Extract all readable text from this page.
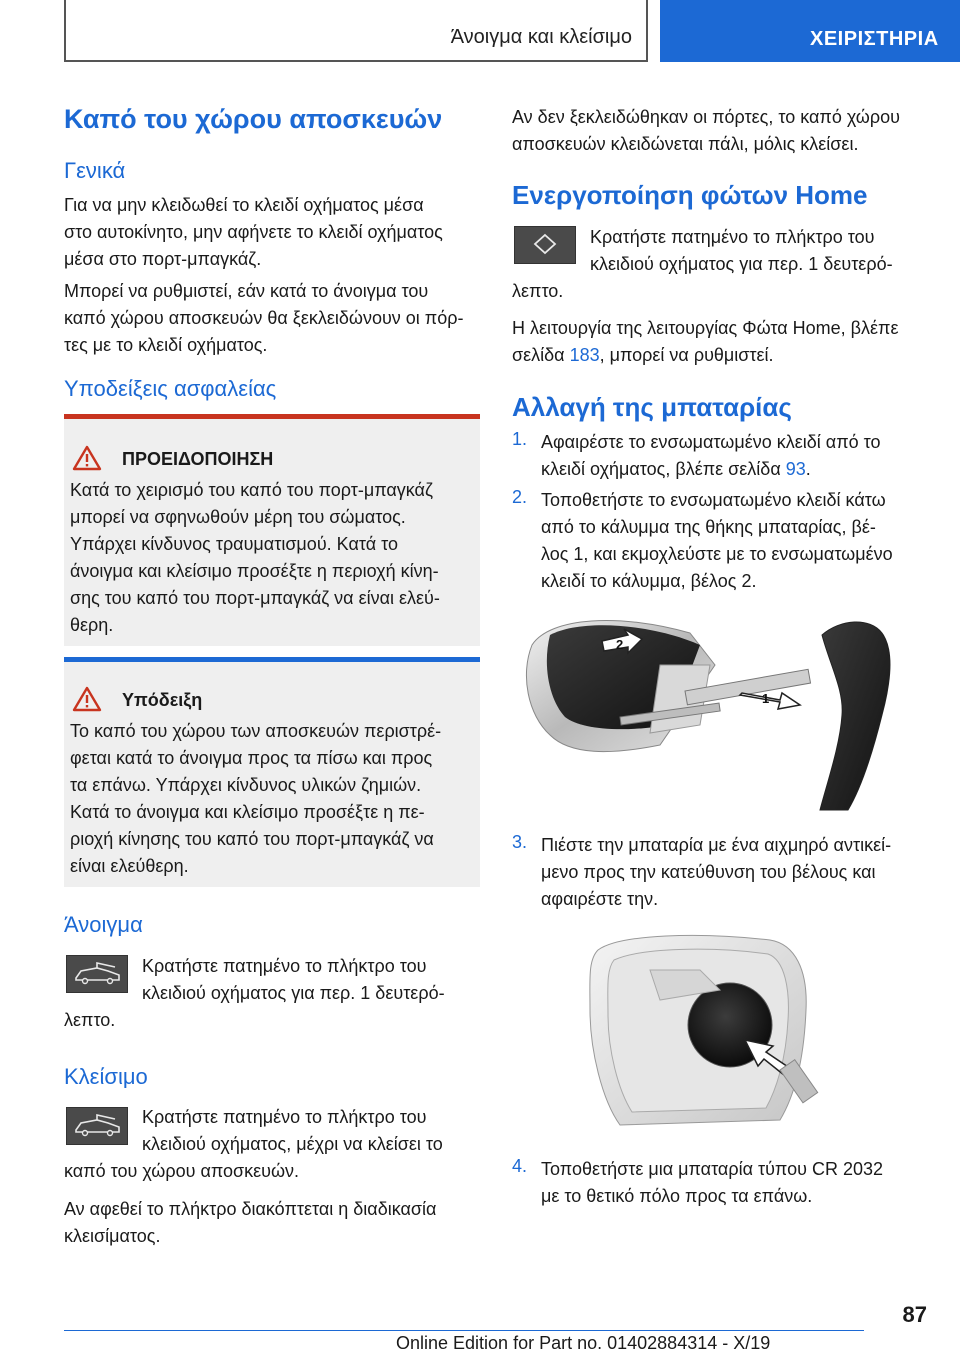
Άνοιγμα και κλείσιμο	ΧΕΙΡΙΣΤΗΡΙΑ
Καπό του χώρου αποσκευών
Γενικά
Για να μην κλειδωθεί το κλειδί οχήματος μέσα
στο αυτοκίνητο, μην αφήνετε το κλειδί οχήματος
μέσα στο πορτ-μπαγκάζ.
Μπορεί να ρυθμιστεί, εάν κατά το άνοιγμα του
καπό χώρου αποσκευών θα ξεκλειδώνουν οι πόρ-
τες με το κλειδί οχήματος.
Υποδείξεις ασφαλείας
ΠΡΟΕΙΔΟΠΟΙΗΣΗ
Κατά το χειρισμό του καπό του πορτ-μπαγκάζ
μπορεί να σφηνωθούν μέρη του σώματος.
Υπάρχει κίνδυνος τραυματισμού. Κατά το
άνοιγμα και κλείσιμο προσέξτε η περιοχή κίνη-
σης του καπό του πορτ-μπαγκάζ να είναι ελεύ-
θερη.
Υπόδειξη
Το καπό του χώρου των αποσκευών περιστρέ-
φεται κατά το άνοιγμα προς τα πίσω και προς
τα επάνω. Υπάρχει κίνδυνος υλικών ζημιών.
Κατά το άνοιγμα και κλείσιμο προσέξτε η πε-
ριοχή κίνησης του καπό του πορτ-μπαγκάζ να
είναι ελεύθερη.
Άνοιγμα
Κρατήστε πατημένο το πλήκτρο του
κλειδιού οχήματος για περ. 1 δευτερό-
λεπτο.
Κλείσιμο
Κρατήστε πατημένο το πλήκτρο του
κλειδιού οχήματος, μέχρι να κλείσει το
καπό του χώρου αποσκευών.
Αν αφεθεί το πλήκτρο διακόπτεται η διαδικασία
κλεισίματος.
Αν δεν ξεκλειδώθηκαν οι πόρτες, το καπό χώρου
αποσκευών κλειδώνεται πάλι, μόλις κλείσει.
Ενεργοποίηση φώτων Home
Κρατήστε πατημένο το πλήκτρο του
κλειδιού οχήματος για περ. 1 δευτερό-
λεπτο.
Η λειτουργία της λειτουργίας Φώτα Home, βλέπε
σελίδα 183, μπορεί να ρυθμιστεί.
Αλλαγή της μπαταρίας
1. Αφαιρέστε το ενσωματωμένο κλειδί από το
κλειδί οχήματος, βλέπε σελίδα 93.
2. Τοποθετήστε το ενσωματωμένο κλειδί κάτω
από το κάλυμμα της θήκης μπαταρίας, βέ-
λος 1, και εκμοχλεύστε με το ενσωματωμένο
κλειδί το κάλυμμα, βέλος 2.
2
1
3. Πιέστε την μπαταρία με ένα αιχμηρό αντικεί-
μενο προς την κατεύθυνση του βέλους και
αφαιρέστε την.
4. Τοποθετήστε μια μπαταρία τύπου CR 2032
με το θετικό πόλο προς τα επάνω.
87
Online Edition for Part no. 01402884314 - X/19
